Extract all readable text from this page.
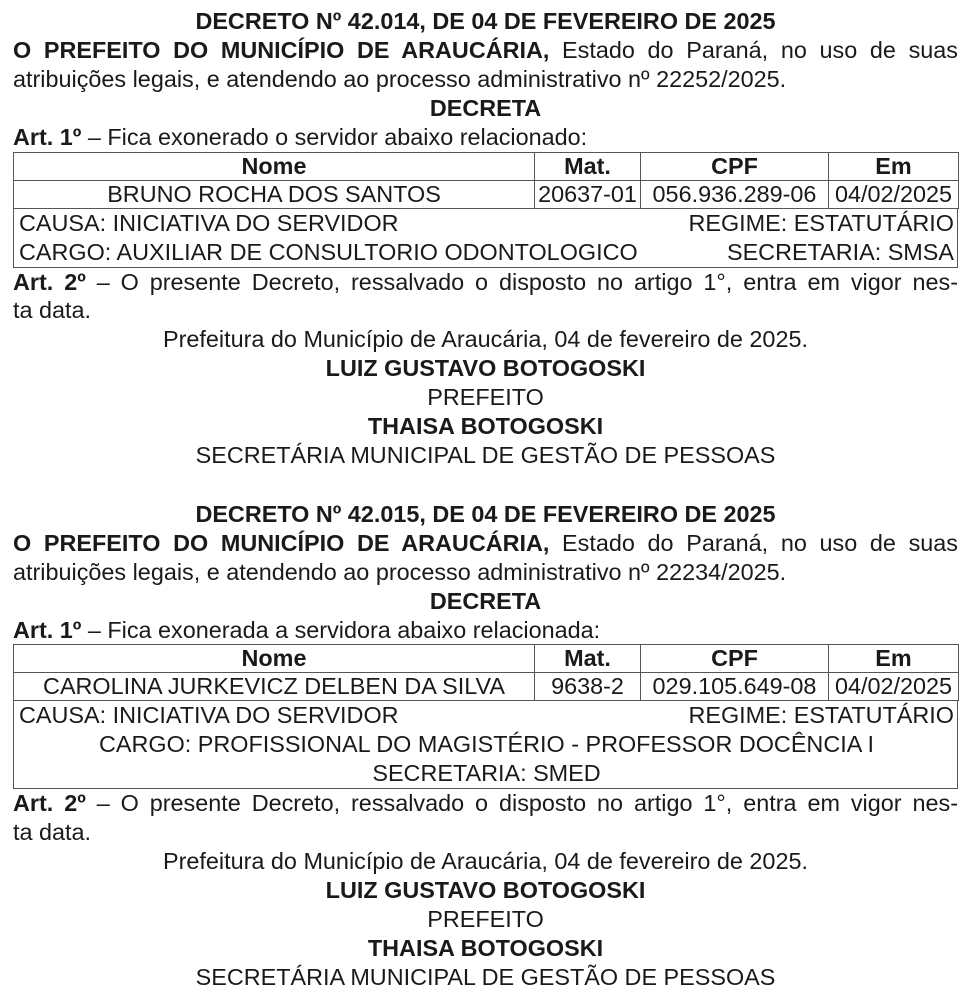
DECRETO Nº 42.014, DE 04 DE FEVEREIRO DE 2025
O PREFEITO DO MUNICÍPIO DE ARAUCÁRIA, Estado do Paraná, no uso de suas
atribuições legais, e atendendo ao processo administrativo nº 22252/2025.
DECRETA
Art. 1º – Fica exonerado o servidor abaixo relacionado:
Nome	Mat.	CPF	Em
BRUNO ROCHA DOS SANTOS	20637-01	056.936.289-06	04/02/2025
CAUSA: INICIATIVA DO SERVIDOR	REGIME: ESTATUTÁRIO
CARGO: AUXILIAR DE CONSULTORIO ODONTOLOGICO	SECRETARIA: SMSA
Art. 2º – O presente Decreto, ressalvado o disposto no artigo 1°, entra em vigor nes-
ta data.
Prefeitura do Município de Araucária, 04 de fevereiro de 2025.
LUIZ GUSTAVO BOTOGOSKI
PREFEITO
THAISA BOTOGOSKI
SECRETÁRIA MUNICIPAL DE GESTÃO DE PESSOAS
DECRETO Nº 42.015, DE 04 DE FEVEREIRO DE 2025
O PREFEITO DO MUNICÍPIO DE ARAUCÁRIA, Estado do Paraná, no uso de suas
atribuições legais, e atendendo ao processo administrativo nº 22234/2025.
DECRETA
Art. 1º – Fica exonerada a servidora abaixo relacionada:
Nome	Mat.	CPF	Em
CAROLINA JURKEVICZ DELBEN DA SILVA	9638-2	029.105.649-08	04/02/2025
CAUSA: INICIATIVA DO SERVIDOR	REGIME: ESTATUTÁRIO
CARGO: PROFISSIONAL DO MAGISTÉRIO - PROFESSOR DOCÊNCIA I
SECRETARIA: SMED
Art. 2º – O presente Decreto, ressalvado o disposto no artigo 1°, entra em vigor nes-
ta data.
Prefeitura do Município de Araucária, 04 de fevereiro de 2025.
LUIZ GUSTAVO BOTOGOSKI
PREFEITO
THAISA BOTOGOSKI
SECRETÁRIA MUNICIPAL DE GESTÃO DE PESSOAS
